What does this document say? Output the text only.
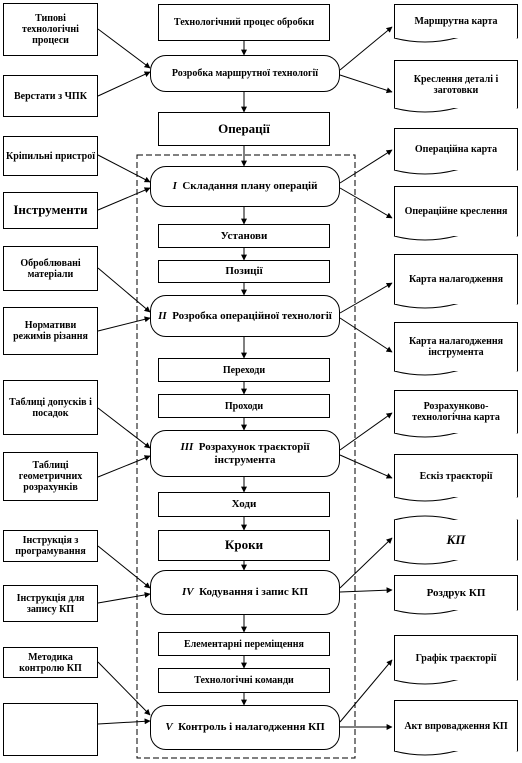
Технологічний процес обробки
Розробка маршрутної технології
Операції
I Складання плану операцій
Установи
Позиції
II Розробка операційної технології
Переходи
Проходи
III Розрахунок траєкторії інструмента
Ходи
Кроки
IV Кодування і запис КП
Елементарні переміщення
Технологічні команди
V Контроль і налагодження КП
Типові технологічні процеси
Верстати з ЧПК
Кріпильні пристрої
Інструменти
Оброблювані матеріали
Нормативи режимів різання
Таблиці допусків і посадок
Таблиці геометричних розрахунків
Інструкція з програмування
Інструкція для запису КП
Методика контролю КП
Маршрутна карта
Креслення деталі і заготовки
Операційна карта
Операційне креслення
Карта налагодження
Карта налагодження інструмента
Розрахунково-технологічна карта
Ескіз траєкторії
КП
Роздрук КП
Графік траєкторії
Акт впровадження КП
